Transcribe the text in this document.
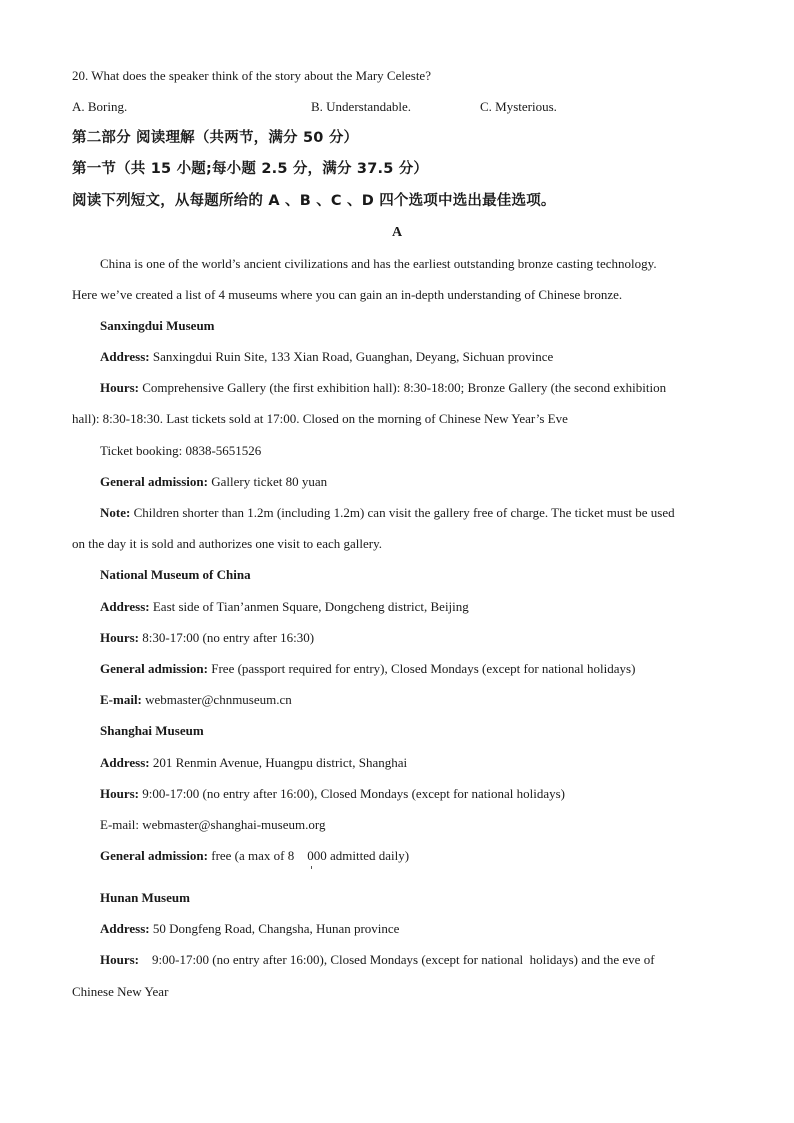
20. What does the speaker think of the story about the Mary Celeste?
A. Boring.	B. Understandable.	C. Mysterious.
第二部分 阅读理解（共两节，满分 50 分）
第一节（共 15 小题;每小题 2.5 分，满分 37.5 分）
阅读下列短文，从每题所给的 A 、B 、C 、D 四个选项中选出最佳选项。
A
China is one of the world’s ancient civilizations and has the earliest outstanding bronze casting technology.
Here we’ve created a list of 4 museums where you can gain an in-depth understanding of Chinese bronze.
Sanxingdui Museum
Address: Sanxingdui Ruin Site, 133 Xian Road, Guanghan, Deyang, Sichuan province
Hours: Comprehensive Gallery (the first exhibition hall): 8:30-18:00; Bronze Gallery (the second exhibition
hall): 8:30-18:30. Last tickets sold at 17:00. Closed on the morning of Chinese New Year’s Eve
Ticket booking: 0838-5651526
General admission: Gallery ticket 80 yuan
Note: Children shorter than 1.2m (including 1.2m) can visit the gallery free of charge. The ticket must be used
on the day it is sold and authorizes one visit to each gallery.
National Museum of China
Address: East side of Tian’anmen Square, Dongcheng district, Beijing
Hours: 8:30-17:00 (no entry after 16:30)
General admission: Free (passport required for entry), Closed Mondays (except for national holidays)
E-mail: webmaster@chnmuseum.cn
Shanghai Museum
Address: 201 Renmin Avenue, Huangpu district, Shanghai
Hours: 9:00-17:00 (no entry after 16:00), Closed Mondays (except for national holidays)
E-mail: webmaster@shanghai-museum.org
General admission: free (a max of 8    000 admitted daily)
Hunan Museum
Address: 50 Dongfeng Road, Changsha, Hunan province
Hours:    9:00-17:00 (no entry after 16:00), Closed Mondays (except for national  holidays) and the eve of
Chinese New Year
